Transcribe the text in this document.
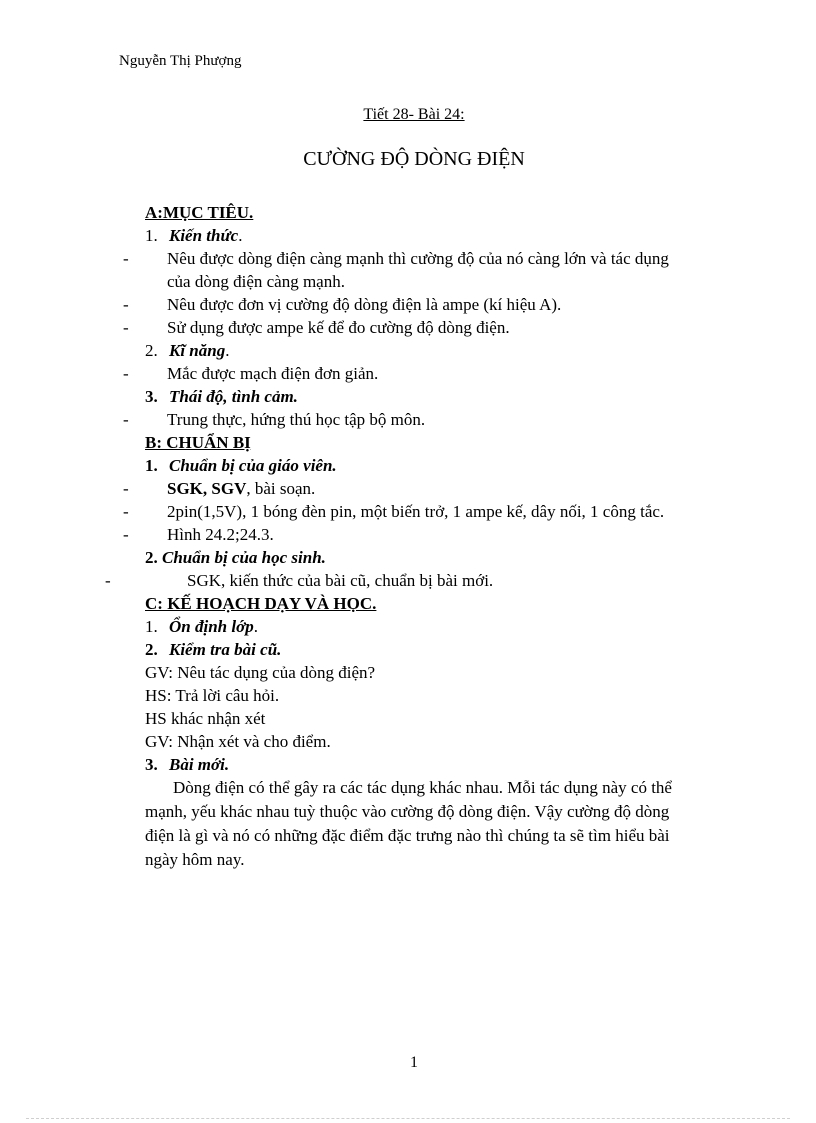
Nguyễn Thị Phượng
Tiết 28- Bài 24:
CƯỜNG ĐỘ DÒNG ĐIỆN
A:MỤC TIÊU.
1. Kiến thức.
- Nêu được dòng điện càng mạnh thì cường độ của nó càng lớn và tác dụng của dòng điện càng mạnh.
- Nêu được đơn vị cường độ dòng điện là ampe (kí hiệu A).
- Sử dụng được ampe kế để đo cường độ dòng điện.
2. Kĩ năng.
- Mắc được mạch điện đơn giản.
3. Thái độ, tình cảm.
- Trung thực, hứng thú học tập bộ môn.
B: CHUẨN BỊ
1. Chuẩn bị của giáo viên.
- SGK, SGV, bài soạn.
- 2pin(1,5V), 1 bóng đèn pin, một biến trở, 1 ampe kế, dây nối, 1 công tắc.
- Hình 24.2;24.3.
2. Chuẩn bị của học sinh.
-	SGK, kiến thức của bài cũ, chuẩn bị bài mới.
C: KẾ HOẠCH DẠY VÀ HỌC.
1. Ổn định lớp.
2. Kiểm tra bài cũ.
GV: Nêu tác dụng của dòng điện?
HS: Trả lời câu hỏi.
HS khác nhận xét
GV: Nhận xét và cho điểm.
3. Bài mới.

Dòng điện có thể gây ra các tác dụng khác nhau. Mỗi tác dụng này có thể mạnh, yếu khác nhau tuỳ thuộc vào cường độ dòng điện. Vậy cường độ dòng điện là gì và nó có những đặc điểm đặc trưng nào thì chúng ta sẽ tìm hiểu bài ngày hôm nay.

1
